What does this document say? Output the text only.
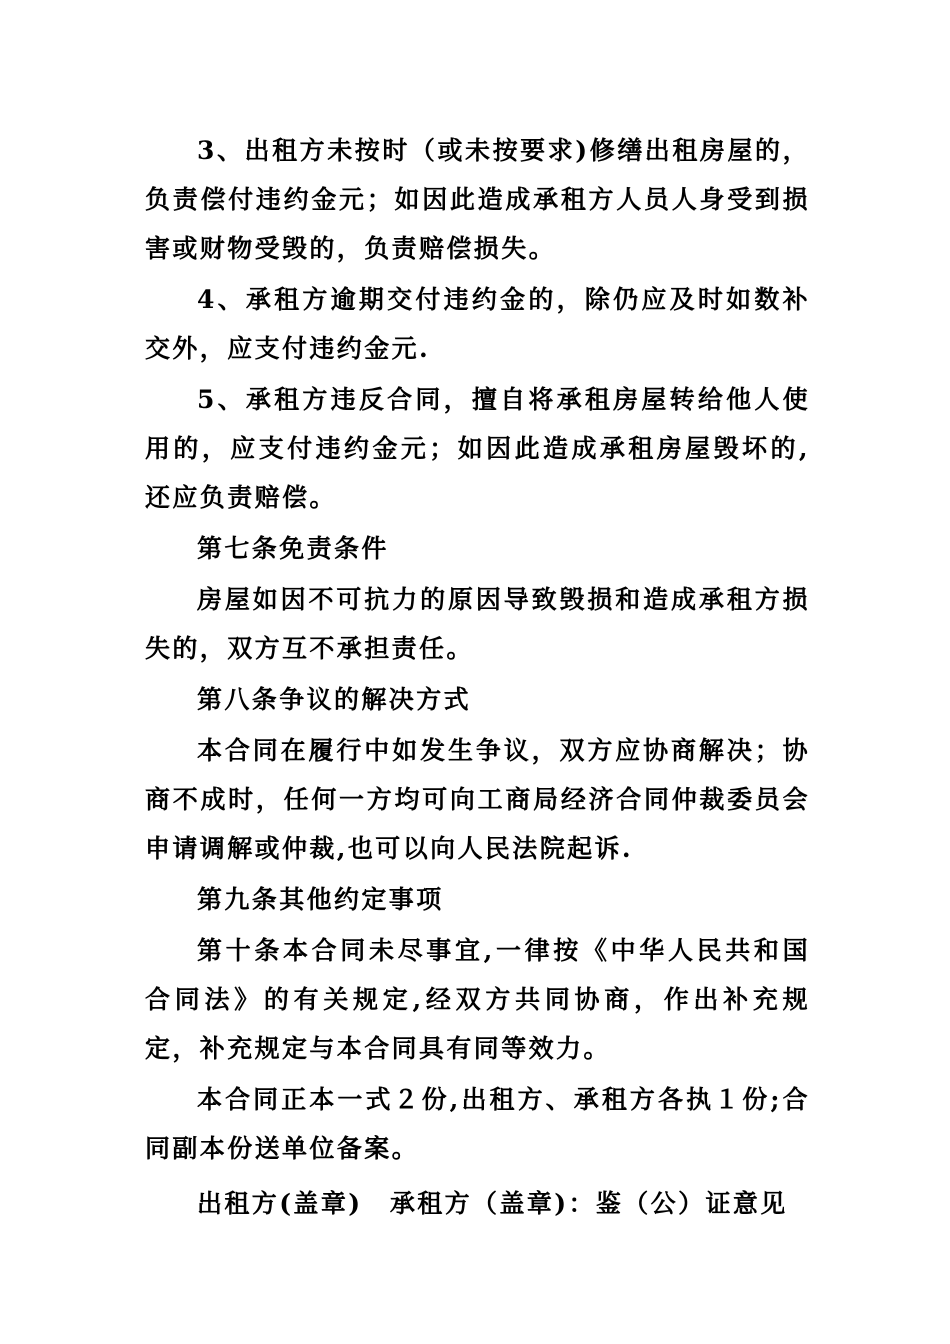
3、出租方未按时（或未按要求)修缮出租房屋的，负责偿付违约金元；如因此造成承租方人员人身受到损害或财物受毁的，负责赔偿损失。

4、承租方逾期交付违约金的，除仍应及时如数补交外，应支付违约金元.

5、承租方违反合同，擅自将承租房屋转给他人使用的，应支付违约金元；如因此造成承租房屋毁坏的,还应负责赔偿。

第七条免责条件

房屋如因不可抗力的原因导致毁损和造成承租方损失的，双方互不承担责任。

第八条争议的解决方式

本合同在履行中如发生争议，双方应协商解决；协商不成时，任何一方均可向工商局经济合同仲裁委员会申请调解或仲裁,也可以向人民法院起诉.

第九条其他约定事项

第十条本合同未尽事宜,一律按《中华人民共和国合同法》的有关规定,经双方共同协商，作出补充规定，补充规定与本合同具有同等效力。

本合同正本一式２份,出租方、承租方各执１份;合同副本份送单位备案。

出租方(盖章)　承租方（盖章)：鉴（公）证意见
